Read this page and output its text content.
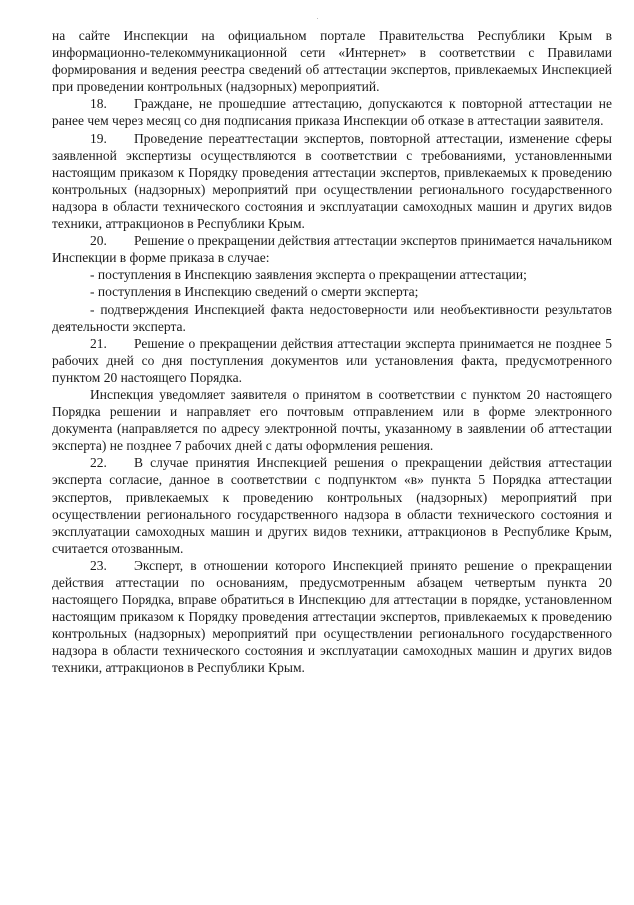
на сайте Инспекции на официальном портале Правительства Республики Крым в информационно-телекоммуникационной сети «Интернет» в соответствии с Правилами формирования и ведения реестра сведений об аттестации экспертов, привлекаемых Инспекцией при проведении контрольных (надзорных) мероприятий.

18. Граждане, не прошедшие аттестацию, допускаются к повторной аттестации не ранее чем через месяц со дня подписания приказа Инспекции об отказе в аттестации заявителя.

19. Проведение переаттестации экспертов, повторной аттестации, изменение сферы заявленной экспертизы осуществляются в соответствии с требованиями, установленными настоящим приказом к Порядку проведения аттестации экспертов, привлекаемых к проведению контрольных (надзорных) мероприятий при осуществлении регионального государственного надзора в области технического состояния и эксплуатации самоходных машин и других видов техники, аттракционов в Республики Крым.

20. Решение о прекращении действия аттестации экспертов принимается начальником Инспекции в форме приказа в случае:

- поступления в Инспекцию заявления эксперта о прекращении аттестации;

- поступления в Инспекцию сведений о смерти эксперта;

- подтверждения Инспекцией факта недостоверности или необъективности результатов деятельности эксперта.

21. Решение о прекращении действия аттестации эксперта принимается не позднее 5 рабочих дней со дня поступления документов или установления факта, предусмотренного пунктом 20 настоящего Порядка.

Инспекция уведомляет заявителя о принятом в соответствии с пунктом 20 настоящего Порядка решении и направляет его почтовым отправлением или в форме электронного документа (направляется по адресу электронной почты, указанному в заявлении об аттестации эксперта) не позднее 7 рабочих дней с даты оформления решения.

22. В случае принятия Инспекцией решения о прекращении действия аттестации эксперта согласие, данное в соответствии с подпунктом «в» пункта 5 Порядка аттестации экспертов, привлекаемых к проведению контрольных (надзорных) мероприятий при осуществлении регионального государственного надзора в области технического состояния и эксплуатации самоходных машин и других видов техники, аттракционов в Республике Крым, считается отозванным.

23. Эксперт, в отношении которого Инспекцией принято решение о прекращении действия аттестации по основаниям, предусмотренным абзацем четвертым пункта 20 настоящего Порядка, вправе обратиться в Инспекцию для аттестации в порядке, установленном настоящим приказом к Порядку проведения аттестации экспертов, привлекаемых к проведению контрольных (надзорных) мероприятий при осуществлении регионального государственного надзора в области технического состояния и эксплуатации самоходных машин и других видов техники, аттракционов в Республики Крым.
